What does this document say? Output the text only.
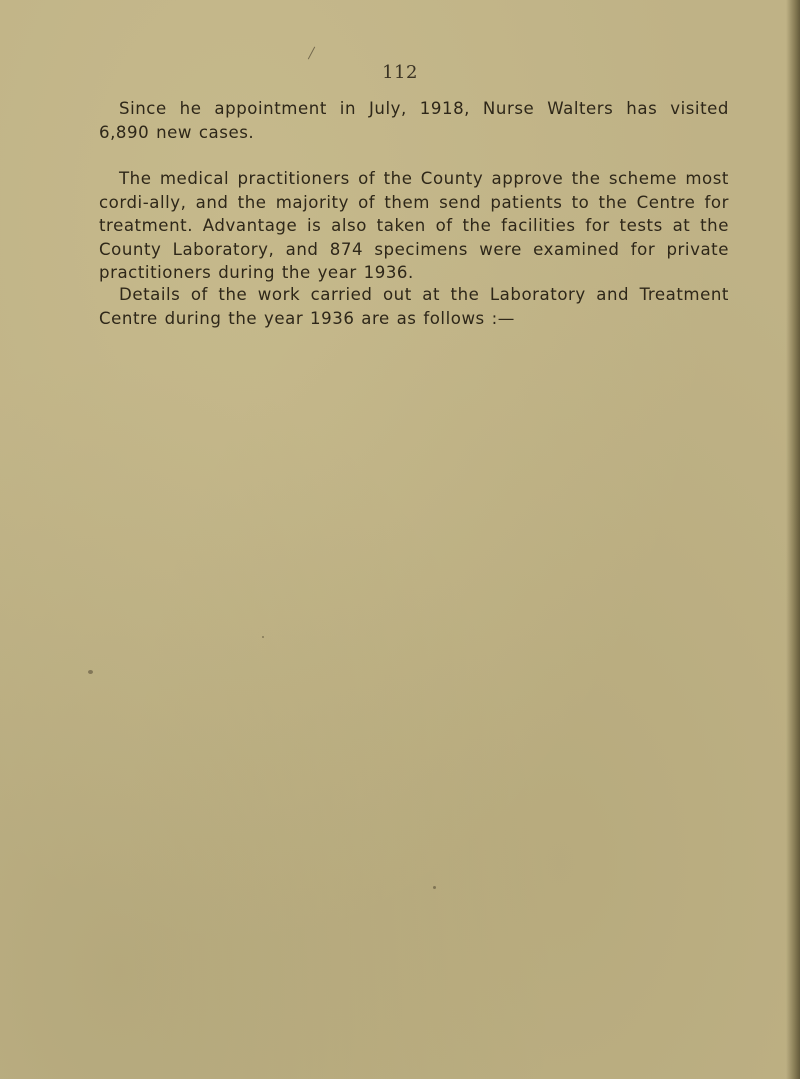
112

Since he appointment in July, 1918, Nurse Walters has visited 6,890 new cases.

The medical practitioners of the County approve the scheme most cordi-ally, and the majority of them send patients to the Centre for treatment. Advantage is also taken of the facilities for tests at the County Laboratory, and 874 specimens were examined for private practitioners during the year 1936.

Details of the work carried out at the Laboratory and Treatment Centre during the year 1936 are as follows :—
